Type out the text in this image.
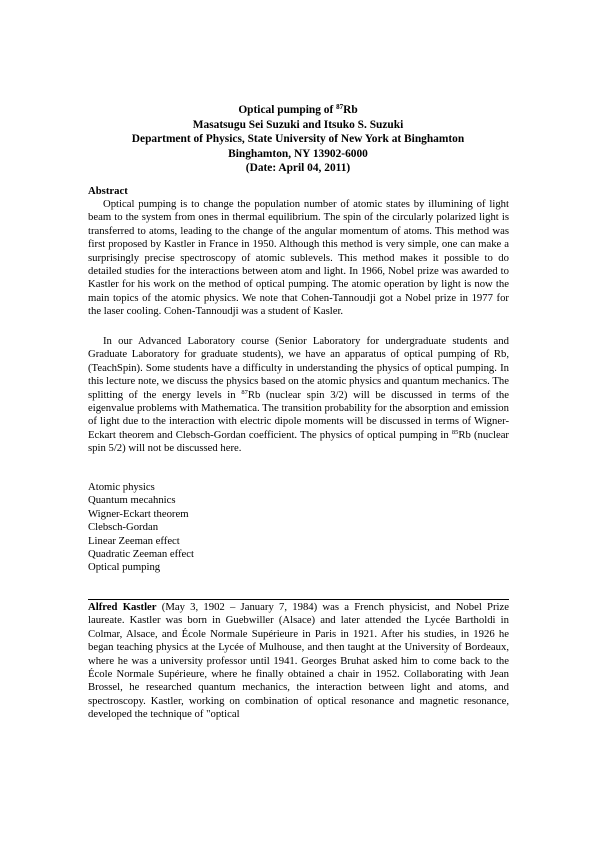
Optical pumping of $^{87}$Rb
Masatsugu Sei Suzuki and Itsuko S. Suzuki
Department of Physics, State University of New York at Binghamton
Binghamton, NY 13902-6000
(Date: April 04, 2011)
Abstract
Optical pumping is to change the population number of atomic states by illumining of light beam to the system from ones in thermal equilibrium. The spin of the circularly polarized light is transferred to atoms, leading to the change of the angular momentum of atoms. This method was first proposed by Kastler in France in 1950. Although this method is very simple, one can make a surprisingly precise spectroscopy of atomic sublevels. This method makes it possible to do detailed studies for the interactions between atom and light. In 1966, Nobel prize was awarded to Kastler for his work on the method of optical pumping. The atomic operation by light is now the main topics of the atomic physics. We note that Cohen-Tannoudji got a Nobel prize in 1977 for the laser cooling. Cohen-Tannoudji was a student of Kasler.
In our Advanced Laboratory course (Senior Laboratory for undergraduate students and Graduate Laboratory for graduate students), we have an apparatus of optical pumping of Rb, (TeachSpin). Some students have a difficulty in understanding the physics of optical pumping. In this lecture note, we discuss the physics based on the atomic physics and quantum mechanics. The splitting of the energy levels in $^{87}$Rb (nuclear spin 3/2) will be discussed in terms of the eigenvalue problems with Mathematica. The transition probability for the absorption and emission of light due to the interaction with electric dipole moments will be discussed in terms of Wigner-Eckart theorem and Clebsch-Gordan coefficient. The physics of optical pumping in $^{85}$Rb (nuclear spin 5/2) will not be discussed here.
Atomic physics
Quantum mecahnics
Wigner-Eckart theorem
Clebsch-Gordan
Linear Zeeman effect
Quadratic Zeeman effect
Optical pumping
Alfred Kastler (May 3, 1902 – January 7, 1984) was a French physicist, and Nobel Prize laureate. Kastler was born in Guebwiller (Alsace) and later attended the Lycée Bartholdi in Colmar, Alsace, and École Normale Supérieure in Paris in 1921. After his studies, in 1926 he began teaching physics at the Lycée of Mulhouse, and then taught at the University of Bordeaux, where he was a university professor until 1941. Georges Bruhat asked him to come back to the École Normale Supérieure, where he finally obtained a chair in 1952. Collaborating with Jean Brossel, he researched quantum mechanics, the interaction between light and atoms, and spectroscopy. Kastler, working on combination of optical resonance and magnetic resonance, developed the technique of "optical
